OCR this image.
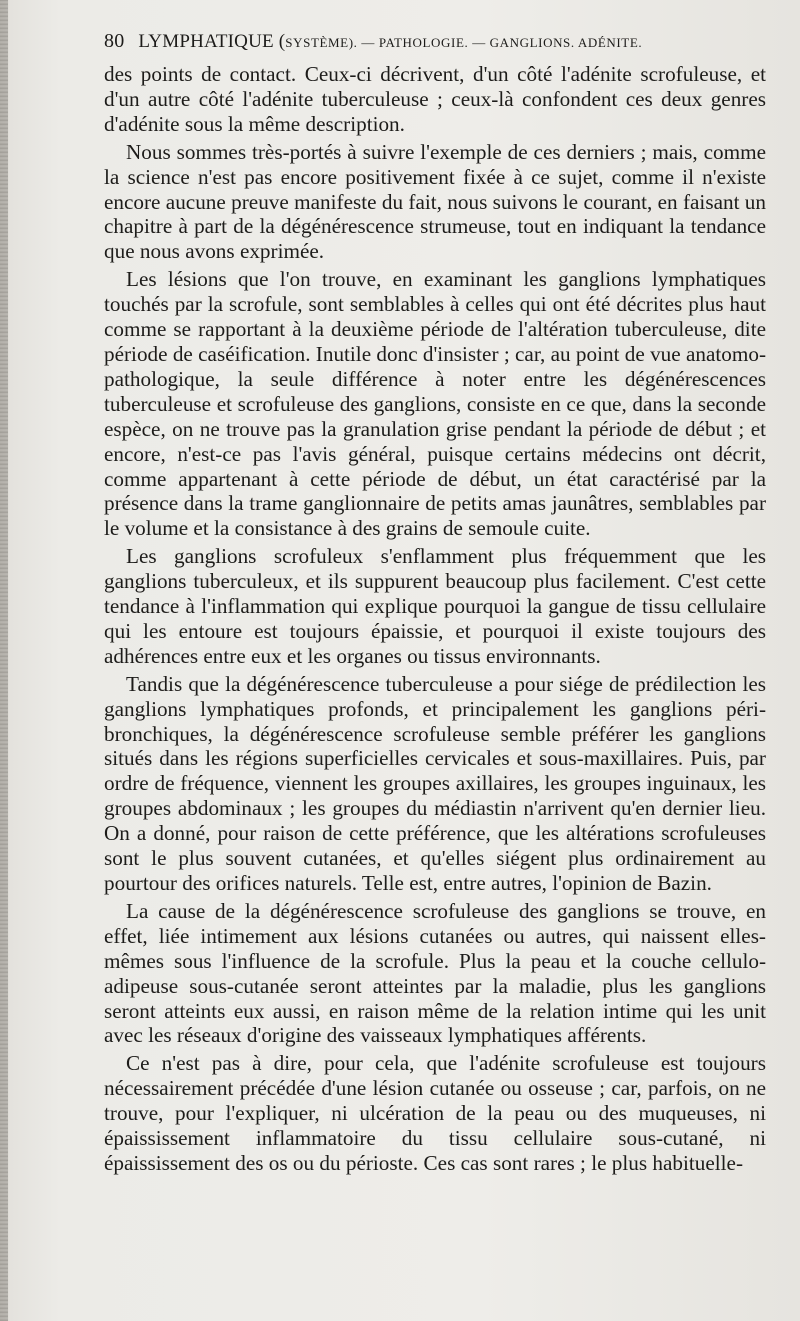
80 LYMPHATIQUE (SYSTÈME). — PATHOLOGIE. — GANGLIONS. ADÉNITE.

des points de contact. Ceux-ci décrivent, d'un côté l'adénite scrofuleuse, et d'un autre côté l'adénite tuberculeuse ; ceux-là confondent ces deux genres d'adénite sous la même description.

Nous sommes très-portés à suivre l'exemple de ces derniers ; mais, comme la science n'est pas encore positivement fixée à ce sujet, comme il n'existe encore aucune preuve manifeste du fait, nous suivons le courant, en faisant un chapitre à part de la dégénérescence strumeuse, tout en indiquant la tendance que nous avons exprimée.

Les lésions que l'on trouve, en examinant les ganglions lymphatiques touchés par la scrofule, sont semblables à celles qui ont été décrites plus haut comme se rapportant à la deuxième période de l'altération tuberculeuse, dite période de caséification. Inutile donc d'insister ; car, au point de vue anatomo-pathologique, la seule différence à noter entre les dégénérescences tuberculeuse et scrofuleuse des ganglions, consiste en ce que, dans la seconde espèce, on ne trouve pas la granulation grise pendant la période de début ; et encore, n'est-ce pas l'avis général, puisque certains médecins ont décrit, comme appartenant à cette période de début, un état caractérisé par la présence dans la trame ganglionnaire de petits amas jaunâtres, semblables par le volume et la consistance à des grains de semoule cuite.

Les ganglions scrofuleux s'enflamment plus fréquemment que les ganglions tuberculeux, et ils suppurent beaucoup plus facilement. C'est cette tendance à l'inflammation qui explique pourquoi la gangue de tissu cellulaire qui les entoure est toujours épaissie, et pourquoi il existe toujours des adhérences entre eux et les organes ou tissus environnants.

Tandis que la dégénérescence tuberculeuse a pour siége de prédilection les ganglions lymphatiques profonds, et principalement les ganglions péri-bronchiques, la dégénérescence scrofuleuse semble préférer les ganglions situés dans les régions superficielles cervicales et sous-maxillaires. Puis, par ordre de fréquence, viennent les groupes axillaires, les groupes inguinaux, les groupes abdominaux ; les groupes du médiastin n'arrivent qu'en dernier lieu. On a donné, pour raison de cette préférence, que les altérations scrofuleuses sont le plus souvent cutanées, et qu'elles siégent plus ordinairement au pourtour des orifices naturels. Telle est, entre autres, l'opinion de Bazin.

La cause de la dégénérescence scrofuleuse des ganglions se trouve, en effet, liée intimement aux lésions cutanées ou autres, qui naissent elles-mêmes sous l'influence de la scrofule. Plus la peau et la couche cellulo-adipeuse sous-cutanée seront atteintes par la maladie, plus les ganglions seront atteints eux aussi, en raison même de la relation intime qui les unit avec les réseaux d'origine des vaisseaux lymphatiques afférents.

Ce n'est pas à dire, pour cela, que l'adénite scrofuleuse est toujours nécessairement précédée d'une lésion cutanée ou osseuse ; car, parfois, on ne trouve, pour l'expliquer, ni ulcération de la peau ou des muqueuses, ni épaississement inflammatoire du tissu cellulaire sous-cutané, ni épaississement des os ou du périoste. Ces cas sont rares ; le plus habituelle-
